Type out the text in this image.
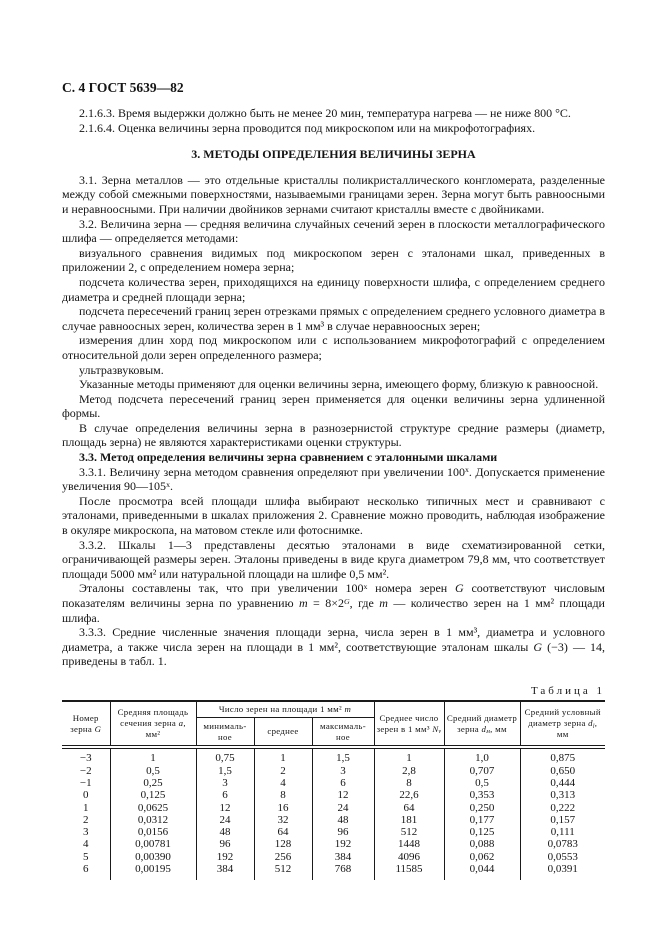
С. 4 ГОСТ 5639—82

2.1.6.3. Время выдержки должно быть не менее 20 мин, температура нагрева — не ниже 800 °С.

2.1.6.4. Оценка величины зерна проводится под микроскопом или на микрофотографиях.

3. МЕТОДЫ ОПРЕДЕЛЕНИЯ ВЕЛИЧИНЫ ЗЕРНА

3.1. Зерна металлов — это отдельные кристаллы поликристаллического конгломерата, разделенные между собой смежными поверхностями, называемыми границами зерен. Зерна могут быть равноосными и неравноосными. При наличии двойников зернами считают кристаллы вместе с двойниками.

3.2. Величина зерна — средняя величина случайных сечений зерен в плоскости металлографического шлифа — определяется методами:

визуального сравнения видимых под микроскопом зерен с эталонами шкал, приведенных в приложении 2, с определением номера зерна;

подсчета количества зерен, приходящихся на единицу поверхности шлифа, с определением среднего диаметра и средней площади зерна;

подсчета пересечений границ зерен отрезками прямых с определением среднего условного диаметра в случае равноосных зерен, количества зерен в 1 мм³ в случае неравноосных зерен;

измерения длин хорд под микроскопом или с использованием микрофотографий с определением относительной доли зерен определенного размера;

ультразвуковым.

Указанные методы применяют для оценки величины зерна, имеющего форму, близкую к равноосной.

Метод подсчета пересечений границ зерен применяется для оценки величины зерна удлиненной формы.

В случае определения величины зерна в разнозернистой структуре средние размеры (диаметр, площадь зерна) не являются характеристиками оценки структуры.

3.3. Метод определения величины зерна сравнением с эталонными шкалами

3.3.1. Величину зерна методом сравнения определяют при увеличении $100^х$. Допускается применение увеличения $90—105^х$.

После просмотра всей площади шлифа выбирают несколько типичных мест и сравнивают с эталонами, приведенными в шкалах приложения 2. Сравнение можно проводить, наблюдая изображение в окуляре микроскопа, на матовом стекле или фотоснимке.

3.3.2. Шкалы 1—3 представлены десятью эталонами в виде схематизированной сетки, ограничивающей размеры зерен. Эталоны приведены в виде круга диаметром 79,8 мм, что соответствует площади 5000 мм² или натуральной площади на шлифе 0,5 мм².

Эталоны составлены так, что при увеличении $100^х$ номера зерен G соответствуют числовым показателям величины зерна по уравнению $m = 8\times 2^G$, где m — количество зерен на 1 мм² площади шлифа.

3.3.3. Средние численные значения площади зерна, числа зерен в 1 мм³, диаметра и условного диаметра, а также числа зерен на площади в 1 мм², соответствующие эталонам шкалы G (−3) — 14, приведены в табл. 1.

Таблица 1
Номер зерна G	Средняя площадь сечения зерна а, мм²	Число зерен на площади 1 мм² m			Среднее число зерен в 1 мм³ $N_v$	Средний диаметр зерна $d_м$, мм	Средний условный диаметр зерна $d_l$, мм
		минималь-ное	среднее	максималь-ное			
−3	1	0,75	1	1,5	1	1,0	0,875
−2	0,5	1,5	2	3	2,8	0,707	0,650
−1	0,25	3	4	6	8	0,5	0,444
0	0,125	6	8	12	22,6	0,353	0,313
1	0,0625	12	16	24	64	0,250	0,222
2	0,0312	24	32	48	181	0,177	0,157
3	0,0156	48	64	96	512	0,125	0,111
4	0,00781	96	128	192	1448	0,088	0,0783
5	0,00390	192	256	384	4096	0,062	0,0553
6	0,00195	384	512	768	11585	0,044	0,0391
